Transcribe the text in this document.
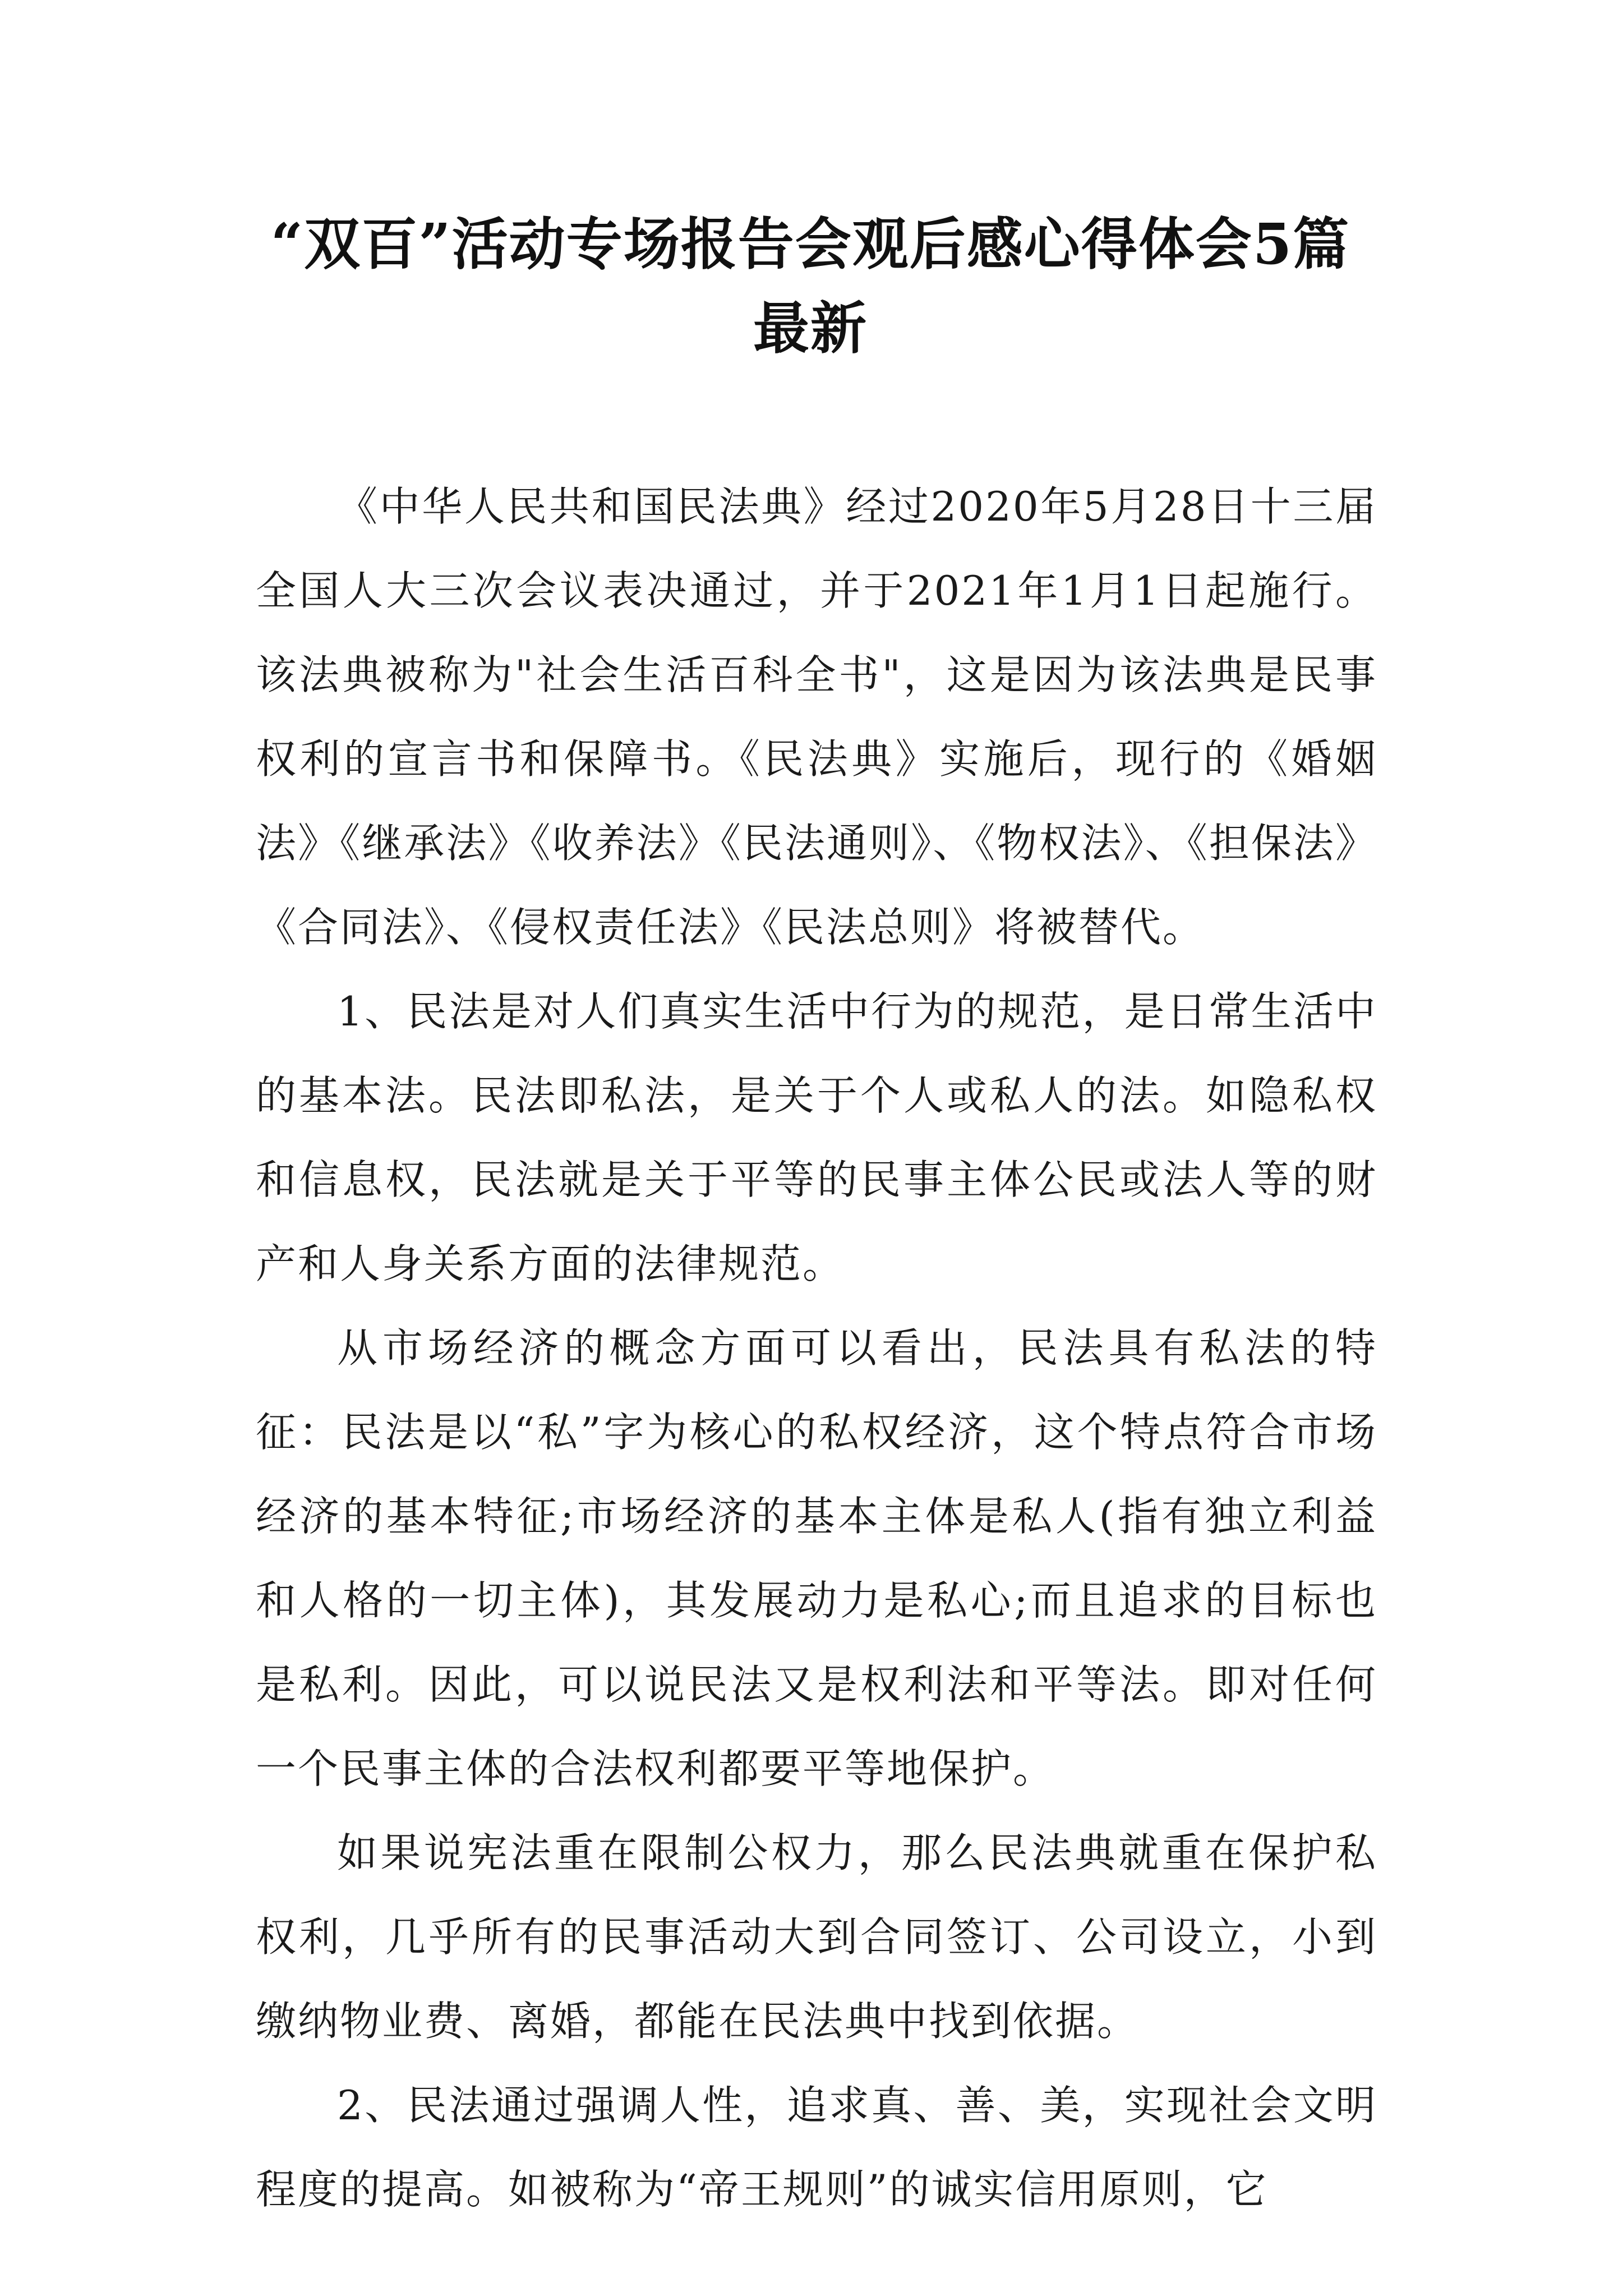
“双百”活动专场报告会观后感心得体会5篇最新

《中华人民共和国民法典》经过2020年5月28日十三届全国人大三次会议表决通过，并于2021年1月1日起施行。该法典被称为"社会生活百科全书"，这是因为该法典是民事权利的宣言书和保障书。《民法典》实施后，现行的《婚姻法》《继承法》《收养法》《民法通则》、《物权法》、《担保法》《合同法》、《侵权责任法》《民法总则》将被替代。

1、民法是对人们真实生活中行为的规范，是日常生活中的基本法。民法即私法，是关于个人或私人的法。如隐私权和信息权，民法就是关于平等的民事主体公民或法人等的财产和人身关系方面的法律规范。

从市场经济的概念方面可以看出，民法具有私法的特征：民法是以“私”字为核心的私权经济，这个特点符合市场经济的基本特征;市场经济的基本主体是私人(指有独立利益和人格的一切主体)，其发展动力是私心;而且追求的目标也是私利。因此，可以说民法又是权利法和平等法。即对任何一个民事主体的合法权利都要平等地保护。

如果说宪法重在限制公权力，那么民法典就重在保护私权利，几乎所有的民事活动大到合同签订、公司设立，小到缴纳物业费、离婚，都能在民法典中找到依据。

2、民法通过强调人性，追求真、善、美，实现社会文明程度的提高。如被称为“帝王规则”的诚实信用原则，它
